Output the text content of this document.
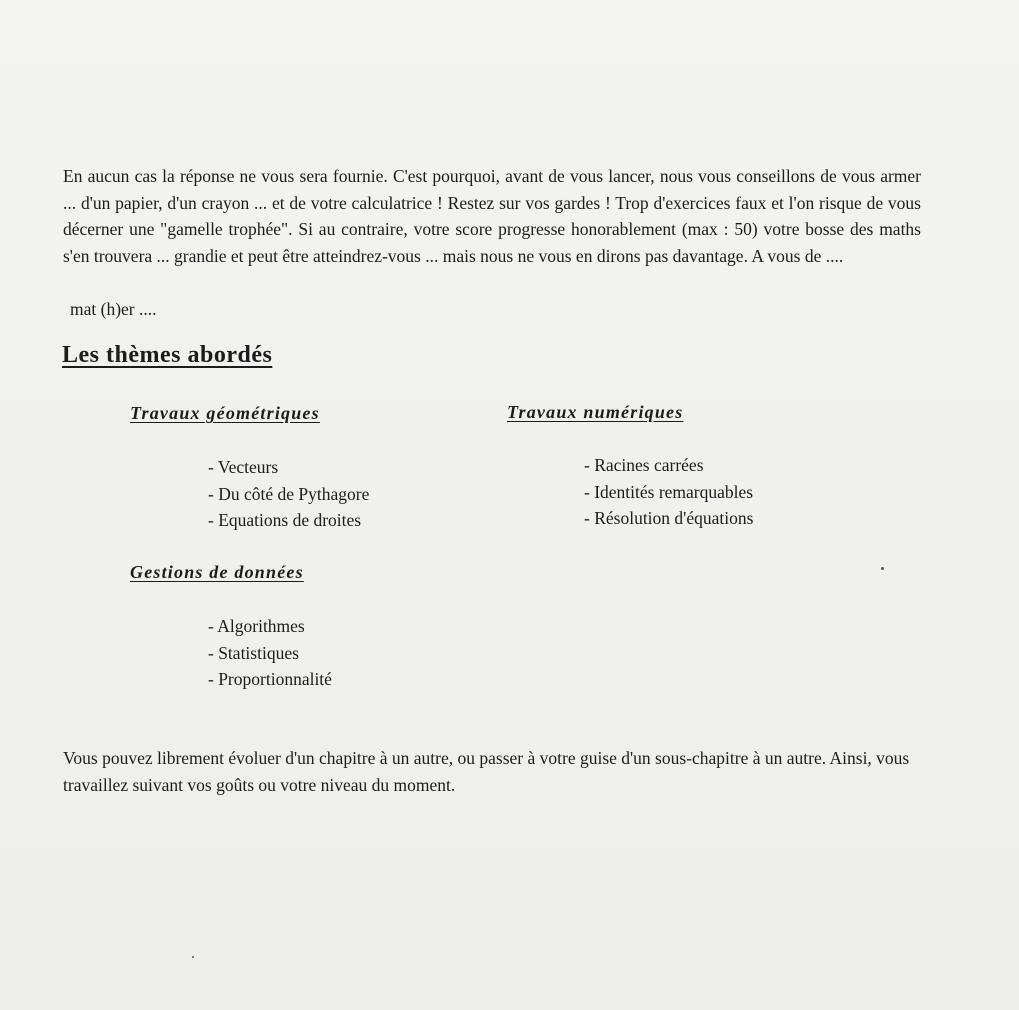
En aucun cas la réponse ne vous sera fournie. C'est pourquoi, avant de vous lancer, nous vous conseillons de vous armer ... d'un papier, d'un crayon ... et de votre calculatrice ! Restez sur vos gardes ! Trop d'exercices faux et l'on risque de vous décerner une "gamelle trophée". Si au contraire, votre score progresse honorablement (max : 50) votre bosse des maths s'en trouvera ... grandie et peut être atteindrez-vous ... mais nous ne vous en dirons pas davantage. A vous de ....

mat (h)er ....

Les thèmes abordés
Travaux géométriques
- Vecteurs
- Du côté de Pythagore
- Equations de droites
Travaux numériques
- Racines carrées
- Identités remarquables
- Résolution d'équations
Gestions de données
- Algorithmes
- Statistiques
- Proportionnalité

Vous pouvez librement évoluer d'un chapitre à un autre, ou passer à votre guise d'un sous-chapitre à un autre. Ainsi, vous travaillez suivant vos goûts ou votre niveau du moment.
